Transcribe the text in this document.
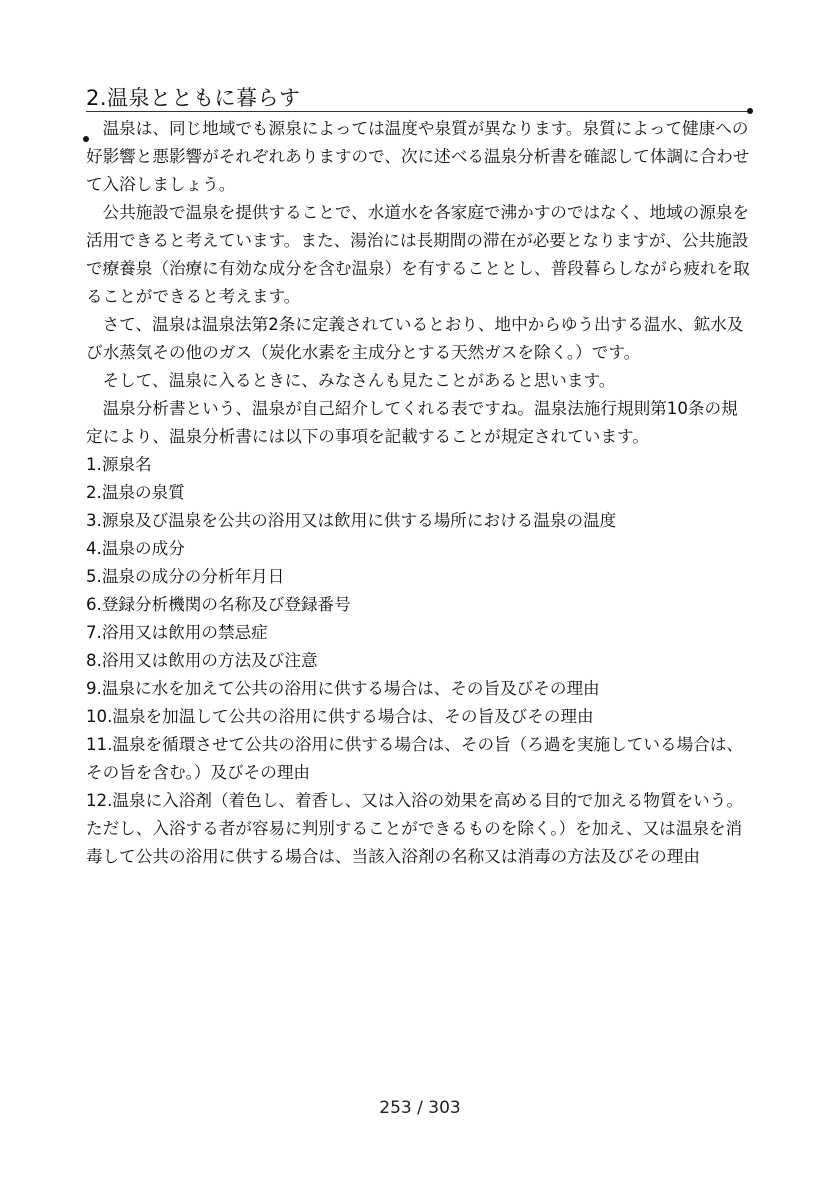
2.温泉とともに暮らす

温泉は、同じ地域でも源泉によっては温度や泉質が異なります。泉質によって健康への好影響と悪影響がそれぞれありますので、次に述べる温泉分析書を確認して体調に合わせて入浴しましょう。

公共施設で温泉を提供することで、水道水を各家庭で沸かすのではなく、地域の源泉を活用できると考えています。また、湯治には長期間の滞在が必要となりますが、公共施設で療養泉（治療に有効な成分を含む温泉）を有することとし、普段暮らしながら疲れを取ることができると考えます。

さて、温泉は温泉法第2条に定義されているとおり、地中からゆう出する温水、鉱水及び水蒸気その他のガス（炭化水素を主成分とする天然ガスを除く。）です。

そして、温泉に入るときに、みなさんも見たことがあると思います。

温泉分析書という、温泉が自己紹介してくれる表ですね。温泉法施行規則第10条の規定により、温泉分析書には以下の事項を記載することが規定されています。

1.源泉名
2.温泉の泉質
3.源泉及び温泉を公共の浴用又は飲用に供する場所における温泉の温度
4.温泉の成分
5.温泉の成分の分析年月日
6.登録分析機関の名称及び登録番号
7.浴用又は飲用の禁忌症
8.浴用又は飲用の方法及び注意
9.温泉に水を加えて公共の浴用に供する場合は、その旨及びその理由
10.温泉を加温して公共の浴用に供する場合は、その旨及びその理由
11.温泉を循環させて公共の浴用に供する場合は、その旨（ろ過を実施している場合は、その旨を含む。）及びその理由
12.温泉に入浴剤（着色し、着香し、又は入浴の効果を高める目的で加える物質をいう。ただし、入浴する者が容易に判別することができるものを除く。）を加え、又は温泉を消毒して公共の浴用に供する場合は、当該入浴剤の名称又は消毒の方法及びその理由
253 / 303
